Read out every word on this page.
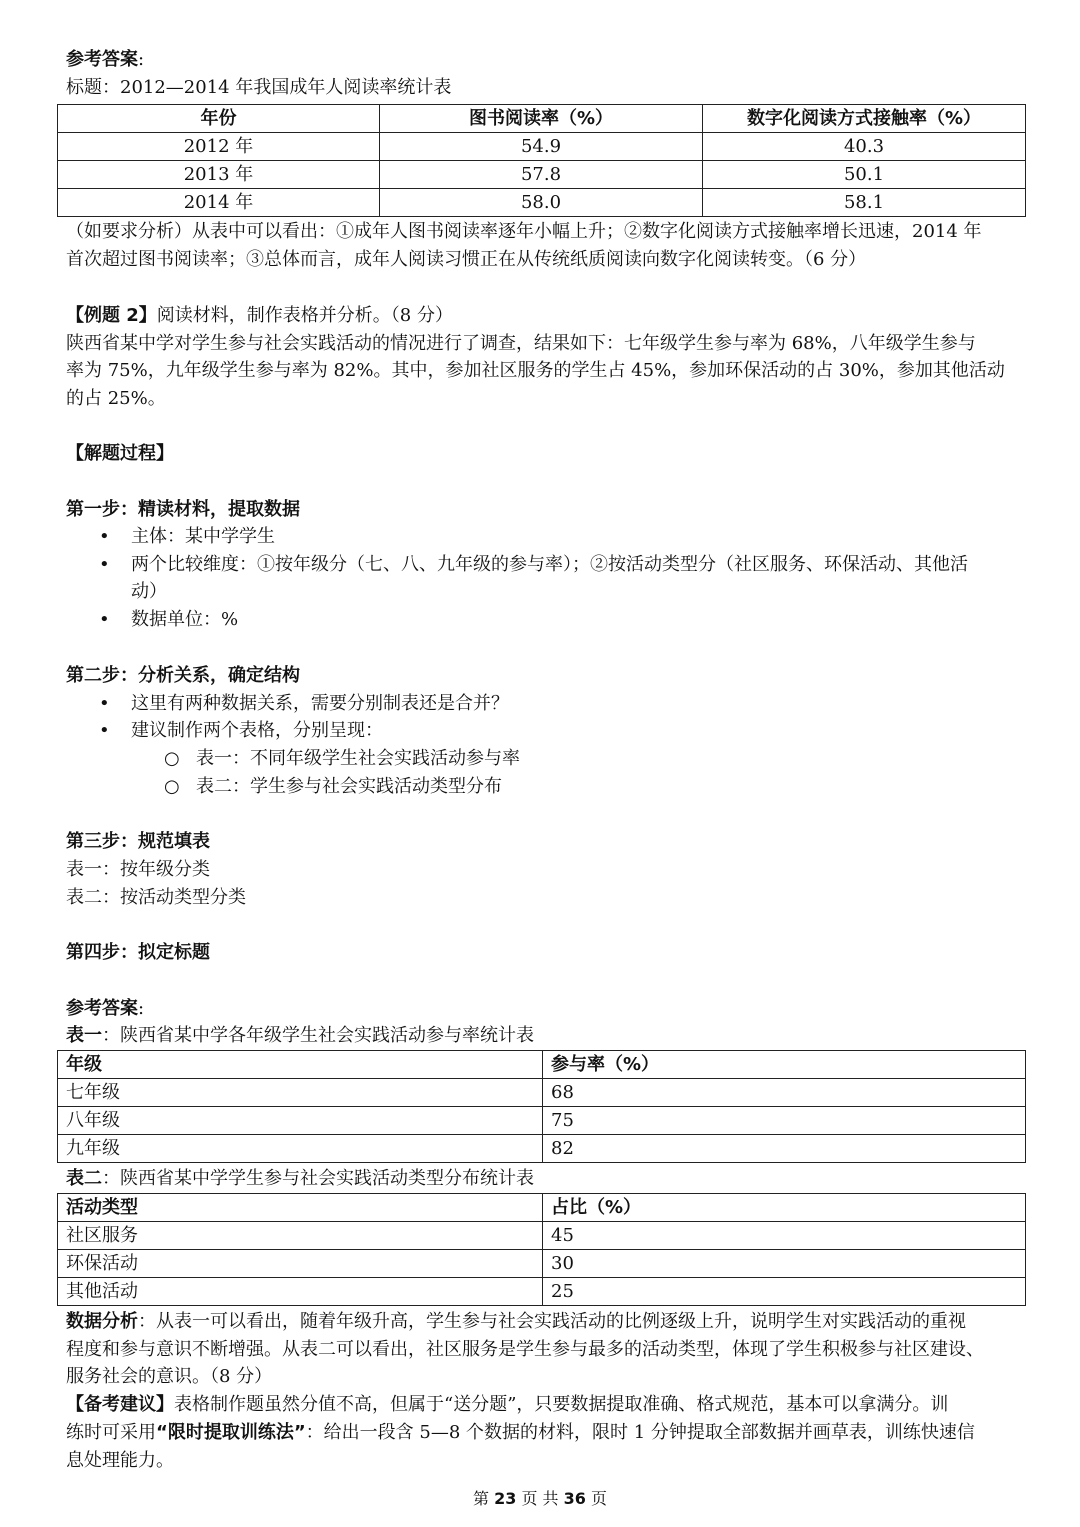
参考答案:

标题：2012—2014 年我国成年人阅读率统计表

年份	图书阅读率（%）	数字化阅读方式接触率（%）
2012 年	54.9	40.3
2013 年	57.8	50.1
2014 年	58.0	58.1

（如要求分析）从表中可以看出：①成年人图书阅读率逐年小幅上升；②数字化阅读方式接触率增长迅速，2014 年

首次超过图书阅读率；③总体而言，成年人阅读习惯正在从传统纸质阅读向数字化阅读转变。（6 分）

【例题 2】阅读材料，制作表格并分析。（8 分）

陕西省某中学对学生参与社会实践活动的情况进行了调查，结果如下：七年级学生参与率为 68%，八年级学生参与

率为 75%，九年级学生参与率为 82%。其中，参加社区服务的学生占 45%，参加环保活动的占 30%，参加其他活动

的占 25%。

【解题过程】

第一步：精读材料，提取数据

• 主体：某中学学生
• 两个比较维度：①按年级分（七、八、九年级的参与率）；②按活动类型分（社区服务、环保活动、其他活
动）
• 数据单位：%

第二步：分析关系，确定结构

• 这里有两种数据关系，需要分别制表还是合并？
• 建议制作两个表格，分别呈现：
○ 表一：不同年级学生社会实践活动参与率
○ 表二：学生参与社会实践活动类型分布

第三步：规范填表

表一：按年级分类

表二：按活动类型分类

第四步：拟定标题

参考答案:

表一：陕西省某中学各年级学生社会实践活动参与率统计表

年级	参与率（%）
七年级	68
八年级	75
九年级	82

表二：陕西省某中学学生参与社会实践活动类型分布统计表

活动类型	占比（%）
社区服务	45
环保活动	30
其他活动	25

数据分析：从表一可以看出，随着年级升高，学生参与社会实践活动的比例逐级上升，说明学生对实践活动的重视

程度和参与意识不断增强。从表二可以看出，社区服务是学生参与最多的活动类型，体现了学生积极参与社区建设、

服务社会的意识。（8 分）

【备考建议】表格制作题虽然分值不高，但属于“送分题”，只要数据提取准确、格式规范，基本可以拿满分。训

练时可采用“限时提取训练法”：给出一段含 5—8 个数据的材料，限时 1 分钟提取全部数据并画草表，训练快速信

息处理能力。

第 23 页 共 36 页
